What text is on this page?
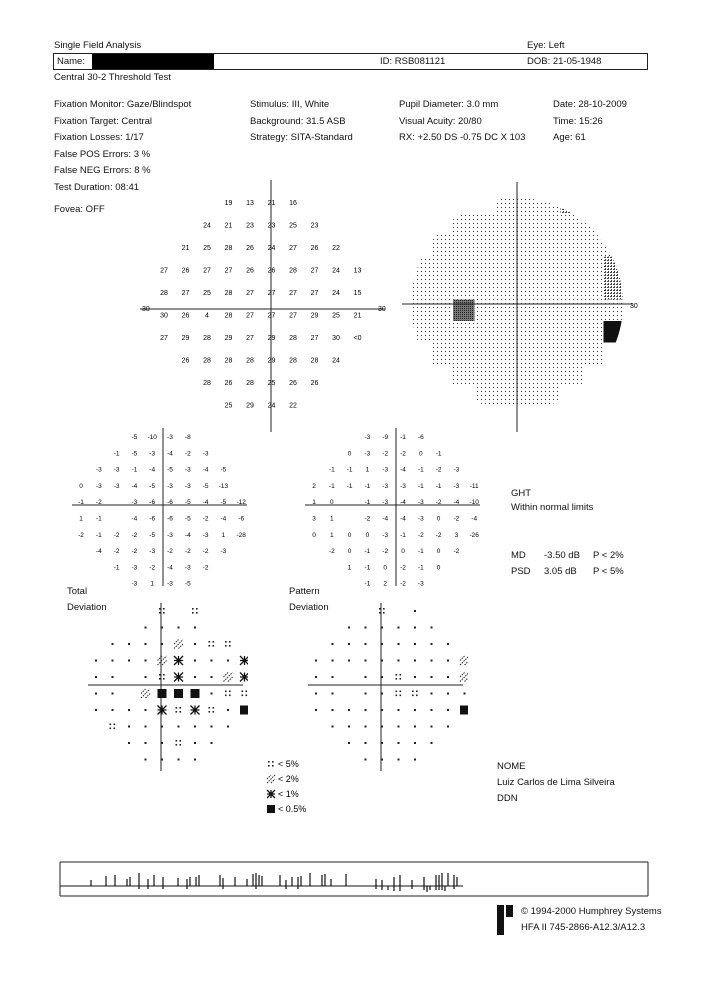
Single Field Analysis	Eye: Left
Name:	ID: RSB081121	DOB: 21-05-1948
Central 30-2 Threshold Test
Fixation Monitor: Gaze/Blindspot
Fixation Target: Central
Fixation Losses: 1/17
False POS Errors: 3 %
False NEG Errors: 8 %
Test Duration: 08:41
Fovea: OFF
Stimulus: III, White
Background: 31.5 ASB
Strategy: SITA-Standard
Pupil Diameter: 3.0 mm
Visual Acuity: 20/80
RX: +2.50 DS -0.75 DC X 103
Date: 28-10-2009
Time: 15:26
Age: 61
30	30
19 13 21 16
24 21 23 23 25 23
21 25 28 26 24 27 26 22
27 26 27 27 26 26 28 27 24 13
28 27 25 28 27 27 27 27 24 15
30 26 4 28 27 27 27 29 25 21
27 29 28 29 27 29 28 27 30 <0
26 28 28 28 29 28 28 24
28 26 28 25 26 26
25 29 24 22
30
-5 -10 -3 -8
-1 -5 -3 -4 -2 -3
-3 -3 -1 -4 -5 -3 -4 -5
0 -3 -3 -4 -5 -3 -3 -5 -13
-1 -2	-3 -6 -6 -5 -4 -5 -12
1 -1	-4 -6 -6 -5 -2 -4 -6
-2 -1 -2 -2 -5 -3 -4 -3 1 -28
-4 -2 -2 -3 -2 -2 -2 -3
-1 -3 -2 -4 -3 -2
-3 1 -3 -5
-3 -9 -1 -6
0 -3 -2 -2 0 -1
-1 -1 1 -3 -4 -1 -2 -3
2 -1 -1 -1 -3 -3 -1 -1 -3 -11
1 0	-1 -3 -4 -3 -2 -4 -10
3 1	-2 -4 -4 -3 0 -2 -4
0 1 0 0 -3 -1 -2 -2 3 -26
-2 0 -1 -2 0 -1 0 -2
1 -1 0 -2 -1 0
-1 2 -2 -3
GHT
Within normal limits
MD -3.50 dB P < 2%
PSD 3.05 dB P < 5%
Total
Deviation
Pattern
Deviation
< 5%
< 2%
< 1%
< 0.5%
NOME
Luiz Carlos de Lima Silveira
DDN
© 1994-2000 Humphrey Systems
HFA II 745-2866-A12.3/A12.3
